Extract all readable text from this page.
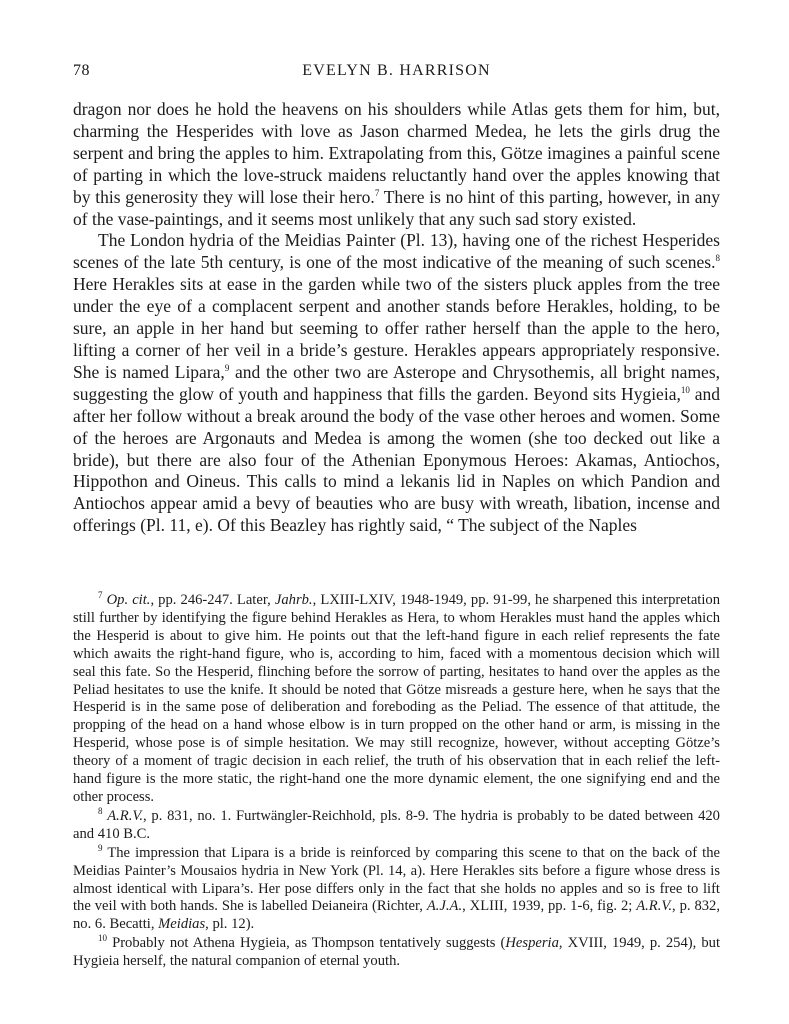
78	EVELYN B. HARRISON

dragon nor does he hold the heavens on his shoulders while Atlas gets them for him, but, charming the Hesperides with love as Jason charmed Medea, he lets the girls drug the serpent and bring the apples to him. Extrapolating from this, Götze imagines a painful scene of parting in which the love-struck maidens reluctantly hand over the apples knowing that by this generosity they will lose their hero.$^7$ There is no hint of this parting, however, in any of the vase-paintings, and it seems most unlikely that any such sad story existed.

The London hydria of the Meidias Painter (Pl. 13), having one of the richest Hesperides scenes of the late 5th century, is one of the most indicative of the meaning of such scenes.$^8$ Here Herakles sits at ease in the garden while two of the sisters pluck apples from the tree under the eye of a complacent serpent and another stands before Herakles, holding, to be sure, an apple in her hand but seeming to offer rather herself than the apple to the hero, lifting a corner of her veil in a bride’s gesture. Herakles appears appropriately responsive. She is named Lipara,$^9$ and the other two are Asterope and Chrysothemis, all bright names, suggesting the glow of youth and happiness that fills the garden. Beyond sits Hygieia,$^{10}$ and after her follow without a break around the body of the vase other heroes and women. Some of the heroes are Argonauts and Medea is among the women (she too decked out like a bride), but there are also four of the Athenian Eponymous Heroes: Akamas, Antiochos, Hippothon and Oineus. This calls to mind a lekanis lid in Naples on which Pandion and Antiochos appear amid a bevy of beauties who are busy with wreath, libation, incense and offerings (Pl. 11, e). Of this Beazley has rightly said, “ The subject of the Naples

$^7$ Op. cit., pp. 246-247. Later, Jahrb., LXIII-LXIV, 1948-1949, pp. 91-99, he sharpened this interpretation still further by identifying the figure behind Herakles as Hera, to whom Herakles must hand the apples which the Hesperid is about to give him. He points out that the left-hand figure in each relief represents the fate which awaits the right-hand figure, who is, according to him, faced with a momentous decision which will seal this fate. So the Hesperid, flinching before the sorrow of parting, hesitates to hand over the apples as the Peliad hesitates to use the knife. It should be noted that Götze misreads a gesture here, when he says that the Hesperid is in the same pose of deliberation and foreboding as the Peliad. The essence of that attitude, the propping of the head on a hand whose elbow is in turn propped on the other hand or arm, is missing in the Hesperid, whose pose is of simple hesitation. We may still recognize, however, without accepting Götze’s theory of a moment of tragic decision in each relief, the truth of his observation that in each relief the left-hand figure is the more static, the right-hand one the more dynamic element, the one signifying end and the other process.

$^8$ A.R.V., p. 831, no. 1. Furtwängler-Reichhold, pls. 8-9. The hydria is probably to be dated between 420 and 410 B.C.

$^9$ The impression that Lipara is a bride is reinforced by comparing this scene to that on the back of the Meidias Painter’s Mousaios hydria in New York (Pl. 14, a). Here Herakles sits before a figure whose dress is almost identical with Lipara’s. Her pose differs only in the fact that she holds no apples and so is free to lift the veil with both hands. She is labelled Deianeira (Richter, A.J.A., XLIII, 1939, pp. 1-6, fig. 2; A.R.V., p. 832, no. 6. Becatti, Meidias, pl. 12).

$^{10}$ Probably not Athena Hygieia, as Thompson tentatively suggests (Hesperia, XVIII, 1949, p. 254), but Hygieia herself, the natural companion of eternal youth.
